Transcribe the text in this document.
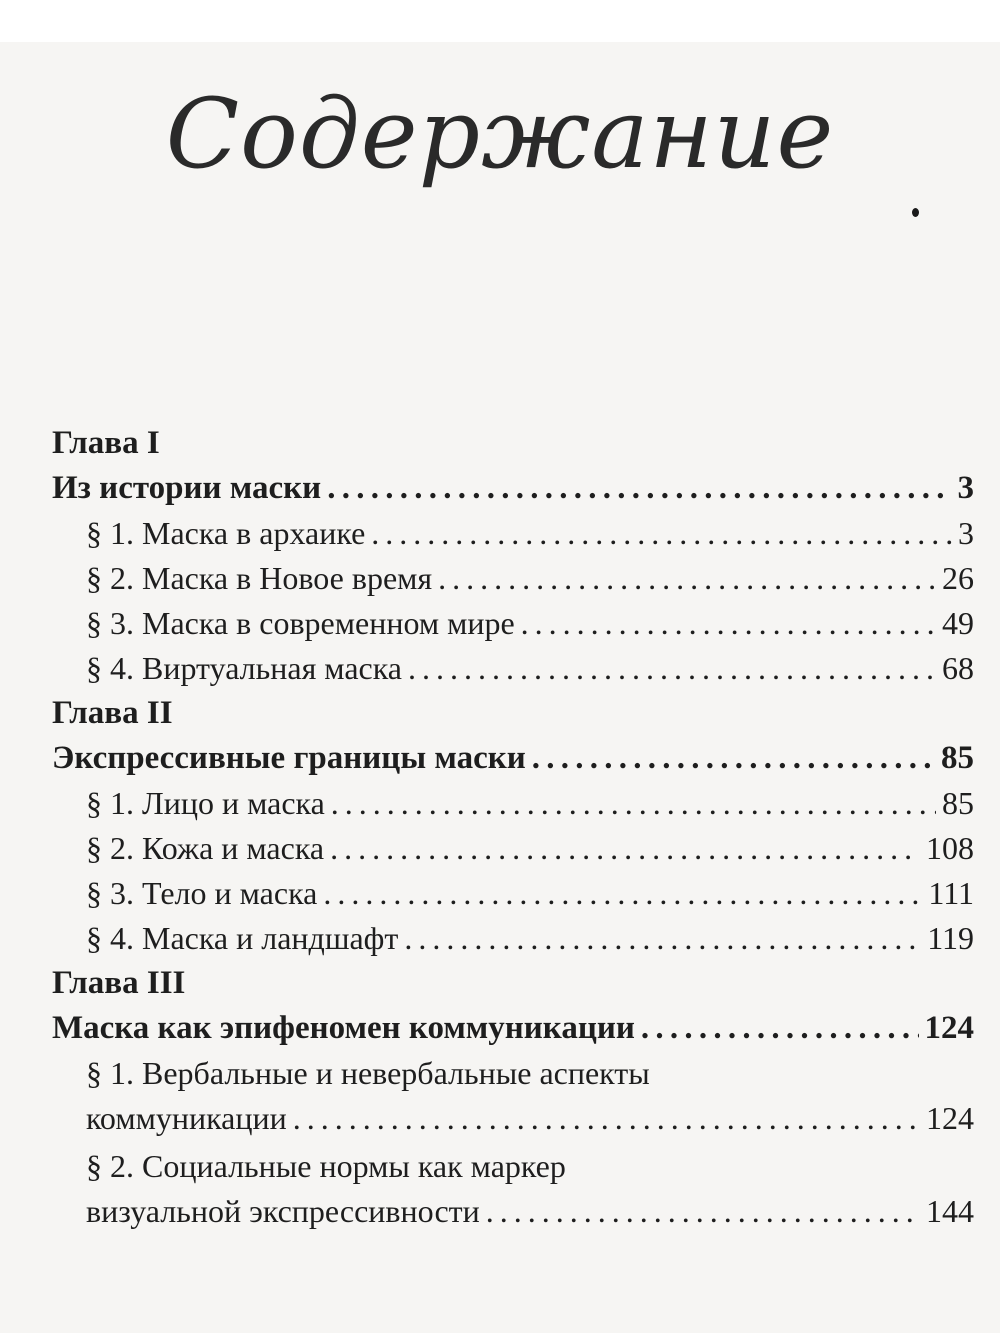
Содержание
Глава I
Из истории маски . . .	3
§ 1. Маска в архаике . . .	3
§ 2. Маска в Новое время . . .	26
§ 3. Маска в современном мире . . .	49
§ 4. Виртуальная маска . . .	68
Глава II
Экспрессивные границы маски . . .	85
§ 1. Лицо и маска . . .	85
§ 2. Кожа и маска . . .	108
§ 3. Тело и маска . . .	111
§ 4. Маска и ландшафт . . .	119
Глава III
Маска как эпифеномен коммуникации . . .	124
§ 1. Вербальные и невербальные аспекты
коммуникации . . .	124
§ 2. Социальные нормы как маркер
визуальной экспрессивности . . .	144
